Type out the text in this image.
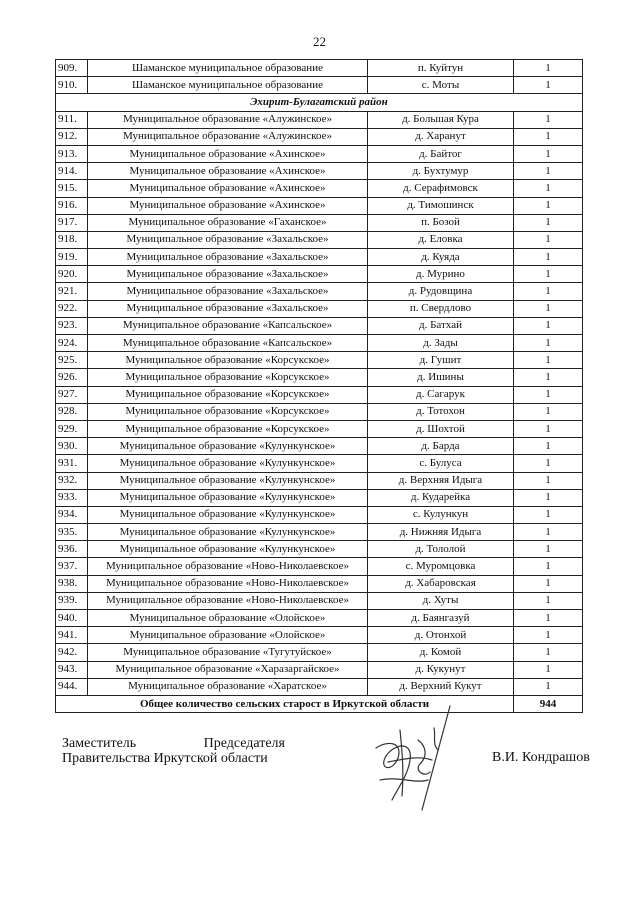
22
909.	Шаманское муниципальное образование	п. Куйтун	1
910.	Шаманское муниципальное образование	с. Моты	1
Эхирит-Булагатский район			
911.	Муниципальное образование «Алужинское»	д. Большая Кура	1
912.	Муниципальное образование «Алужинское»	д. Харанут	1
913.	Муниципальное образование «Ахинское»	д. Байтог	1
914.	Муниципальное образование «Ахинское»	д. Бухтумур	1
915.	Муниципальное образование «Ахинское»	д. Серафимовск	1
916.	Муниципальное образование «Ахинское»	д. Тимошинск	1
917.	Муниципальное образование «Гаханское»	п. Бозой	1
918.	Муниципальное образование «Захальское»	д. Еловка	1
919.	Муниципальное образование «Захальское»	д. Куяда	1
920.	Муниципальное образование «Захальское»	д. Мурино	1
921.	Муниципальное образование «Захальское»	д. Рудовщина	1
922.	Муниципальное образование «Захальское»	п. Свердлово	1
923.	Муниципальное образование «Капсальское»	д. Батхай	1
924.	Муниципальное образование «Капсальское»	д. Зады	1
925.	Муниципальное образование «Корсукское»	д. Гушит	1
926.	Муниципальное образование «Корсукское»	д. Ишины	1
927.	Муниципальное образование «Корсукское»	д. Сагарук	1
928.	Муниципальное образование «Корсукское»	д. Тотохон	1
929.	Муниципальное образование «Корсукское»	д. Шохтой	1
930.	Муниципальное образование «Кулункунское»	д. Барда	1
931.	Муниципальное образование «Кулункунское»	с. Булуса	1
932.	Муниципальное образование «Кулункунское»	д. Верхняя Идыга	1
933.	Муниципальное образование «Кулункунское»	д. Кударейка	1
934.	Муниципальное образование «Кулункунское»	с. Кулункун	1
935.	Муниципальное образование «Кулункунское»	д. Нижняя Идыга	1
936.	Муниципальное образование «Кулункунское»	д. Тололой	1
937.	Муниципальное образование «Ново-Николаевское»	с. Муромцовка	1
938.	Муниципальное образование «Ново-Николаевское»	д. Хабаровская	1
939.	Муниципальное образование «Ново-Николаевское»	д. Хуты	1
940.	Муниципальное образование «Олойское»	д. Баянгазуй	1
941.	Муниципальное образование «Олойское»	д. Отонхой	1
942.	Муниципальное образование «Тугутуйское»	д. Комой	1
943.	Муниципальное образование «Харазаргайское»	д. Кукунут	1
944.	Муниципальное образование «Харатское»	д. Верхний Кукут	1
Общее количество сельских старост в Иркутской области			944
Заместитель	Председателя
Правительства Иркутской области	В.И. Кондрашов
